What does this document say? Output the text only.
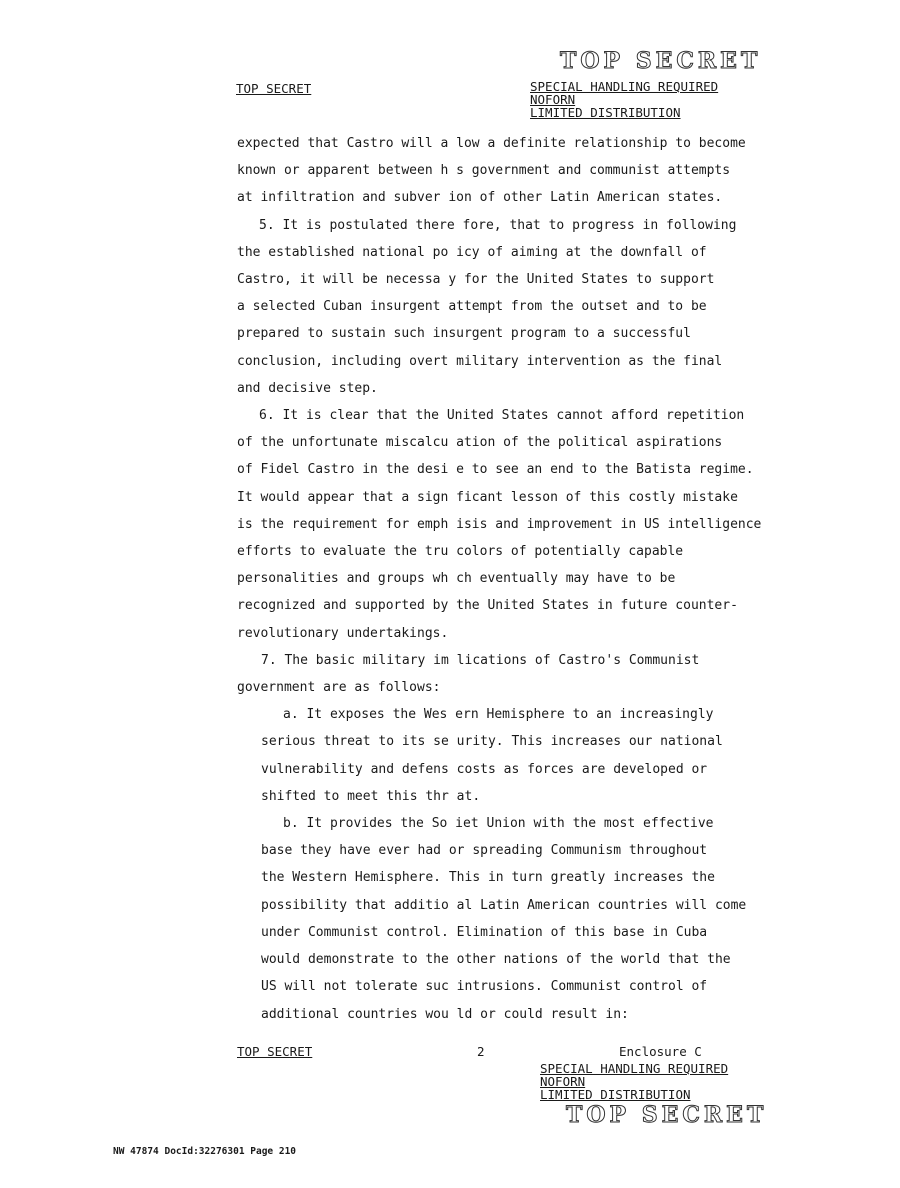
TOP SECRET
TOP SECRET	SPECIAL HANDLING REQUIRED
NOFORN
LIMITED DISTRIBUTION

expected that Castro will a low a definite relationship to become

known or apparent between h s government and communist attempts

at infiltration and subver ion of other Latin American states.

5. It is postulated there fore, that to progress in following

the established national po icy of aiming at the downfall of

Castro, it will be necessa y for the United States to support

a selected Cuban insurgent attempt from the outset and to be

prepared to sustain such insurgent program to a successful

conclusion, including overt military intervention as the final

and decisive step.

6. It is clear that the United States cannot afford repetition

of the unfortunate miscalcu ation of the political aspirations

of Fidel Castro in the desi e to see an end to the Batista regime.

It would appear that a sign ficant lesson of this costly mistake

is the requirement for emph isis and improvement in US intelligence

efforts to evaluate the tru colors of potentially capable

personalities and groups wh ch eventually may have to be

recognized and supported by the United States in future counter-

revolutionary undertakings.

7. The basic military im lications of Castro's Communist

government are as follows:

a. It exposes the Wes ern Hemisphere to an increasingly

serious threat to its se urity. This increases our national

vulnerability and defens costs as forces are developed or

shifted to meet this thr at.

b. It provides the So iet Union with the most effective

base they have ever had or spreading Communism throughout

the Western Hemisphere. This in turn greatly increases the

possibility that additio al Latin American countries will come

under Communist control. Elimination of this base in Cuba

would demonstrate to the other nations of the world that the

US will not tolerate suc intrusions. Communist control of

additional countries wou ld or could result in:

TOP SECRET	2	Enclosure C
SPECIAL HANDLING REQUIRED
NOFORN
LIMITED DISTRIBUTION
TOP SECRET
NW 47874 DocId:32276301 Page 210
